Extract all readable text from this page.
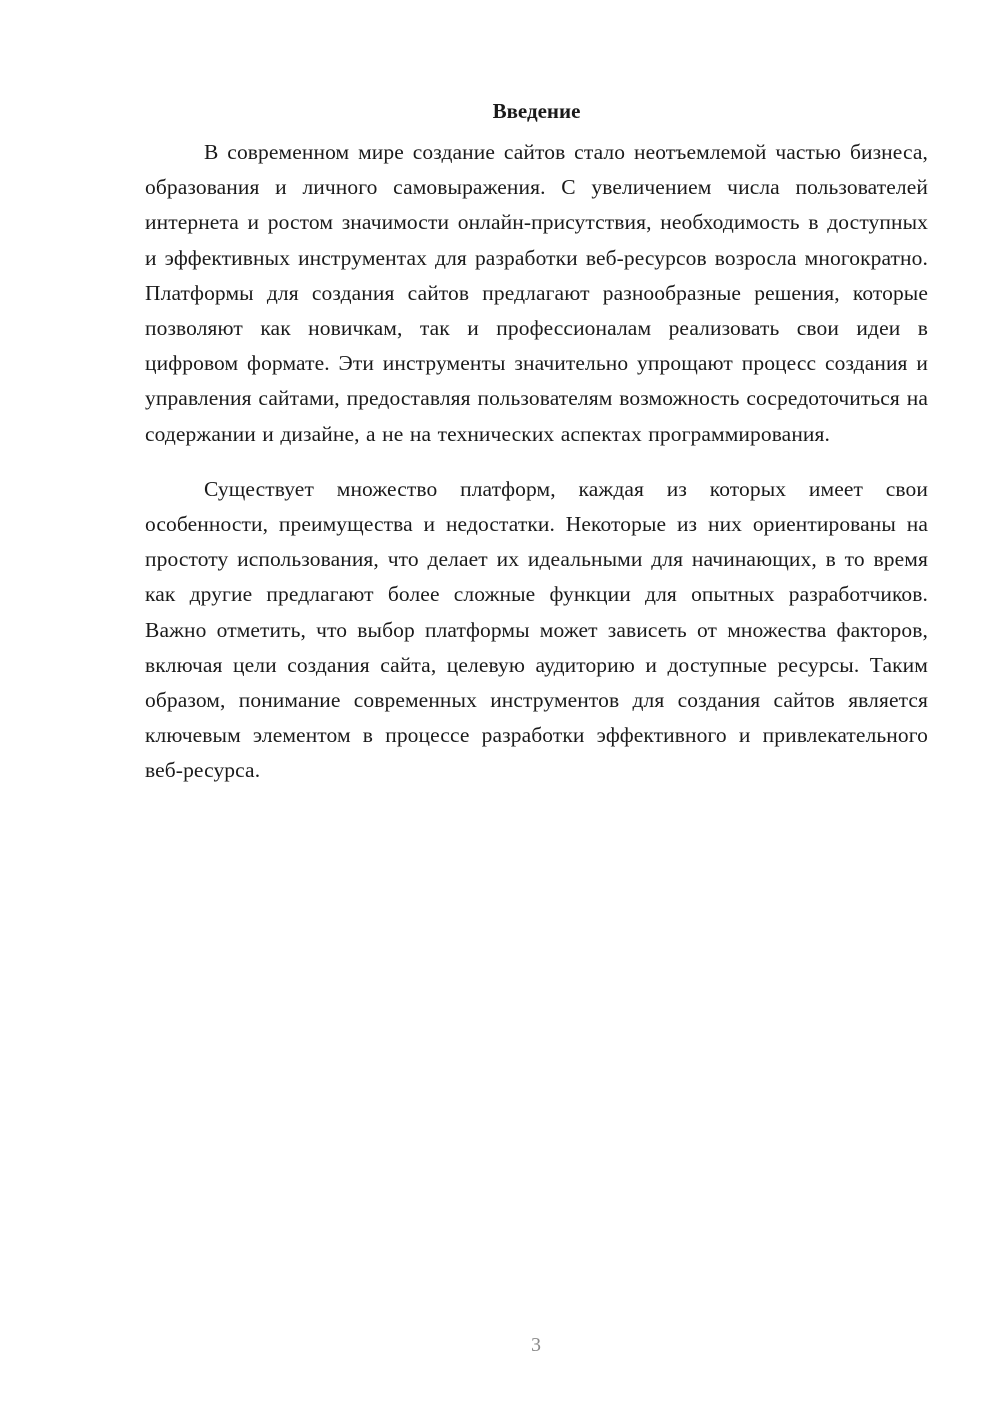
Введение

В современном мире создание сайтов стало неотъемлемой частью бизнеса, образования и личного самовыражения. С увеличением числа пользователей интернета и ростом значимости онлайн-присутствия, необходимость в доступных и эффективных инструментах для разработки веб-ресурсов возросла многократно. Платформы для создания сайтов предлагают разнообразные решения, которые позволяют как новичкам, так и профессионалам реализовать свои идеи в цифровом формате. Эти инструменты значительно упрощают процесс создания и управления сайтами, предоставляя пользователям возможность сосредоточиться на содержании и дизайне, а не на технических аспектах программирования.

Существует множество платформ, каждая из которых имеет свои особенности, преимущества и недостатки. Некоторые из них ориентированы на простоту использования, что делает их идеальными для начинающих, в то время как другие предлагают более сложные функции для опытных разработчиков. Важно отметить, что выбор платформы может зависеть от множества факторов, включая цели создания сайта, целевую аудиторию и доступные ресурсы. Таким образом, понимание современных инструментов для создания сайтов является ключевым элементом в процессе разработки эффективного и привлекательного веб-ресурса.

3
